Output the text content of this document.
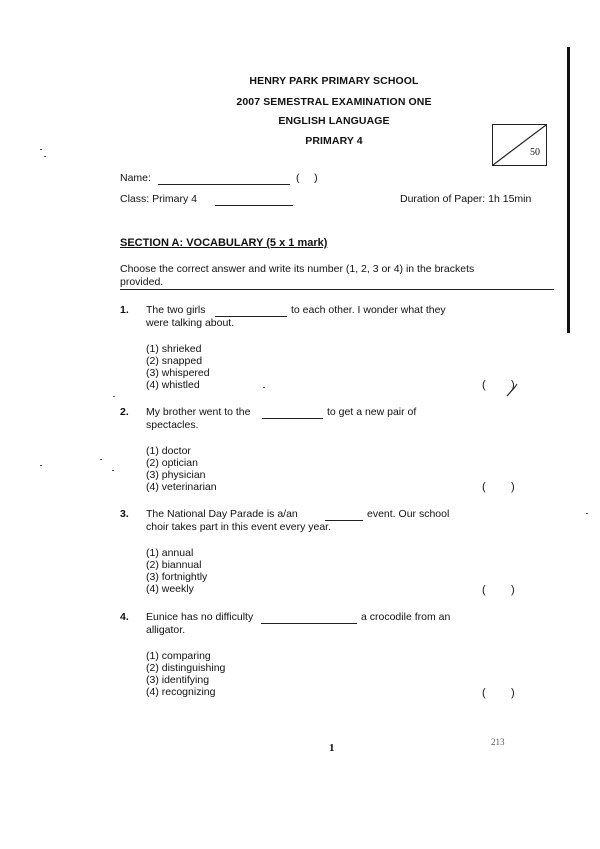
HENRY PARK PRIMARY SCHOOL
2007 SEMESTRAL EXAMINATION ONE
ENGLISH LANGUAGE
PRIMARY 4
50
Name:	(     )
Class: Primary 4	Duration of Paper: 1h 15min
SECTION A: VOCABULARY (5 x 1 mark)
Choose the correct answer and write its number (1, 2, 3 or 4) in the brackets
provided.
1. The two girls	to each other. I wonder what they
were talking about.
(1) shrieked
(2) snapped
(3) whispered
(4) whistled	( )
2. My brother went to the	to get a new pair of
spectacles.
(1) doctor
(2) optician
(3) physician
(4) veterinarian	( )
3. The National Day Parade is a/an	event. Our school
choir takes part in this event every year.
(1) annual
(2) biannual
(3) fortnightly
(4) weekly	( )
4. Eunice has no difficulty	a crocodile from an
alligator.
(1) comparing
(2) distinguishing
(3) identifying
(4) recognizing	( )
1	213
